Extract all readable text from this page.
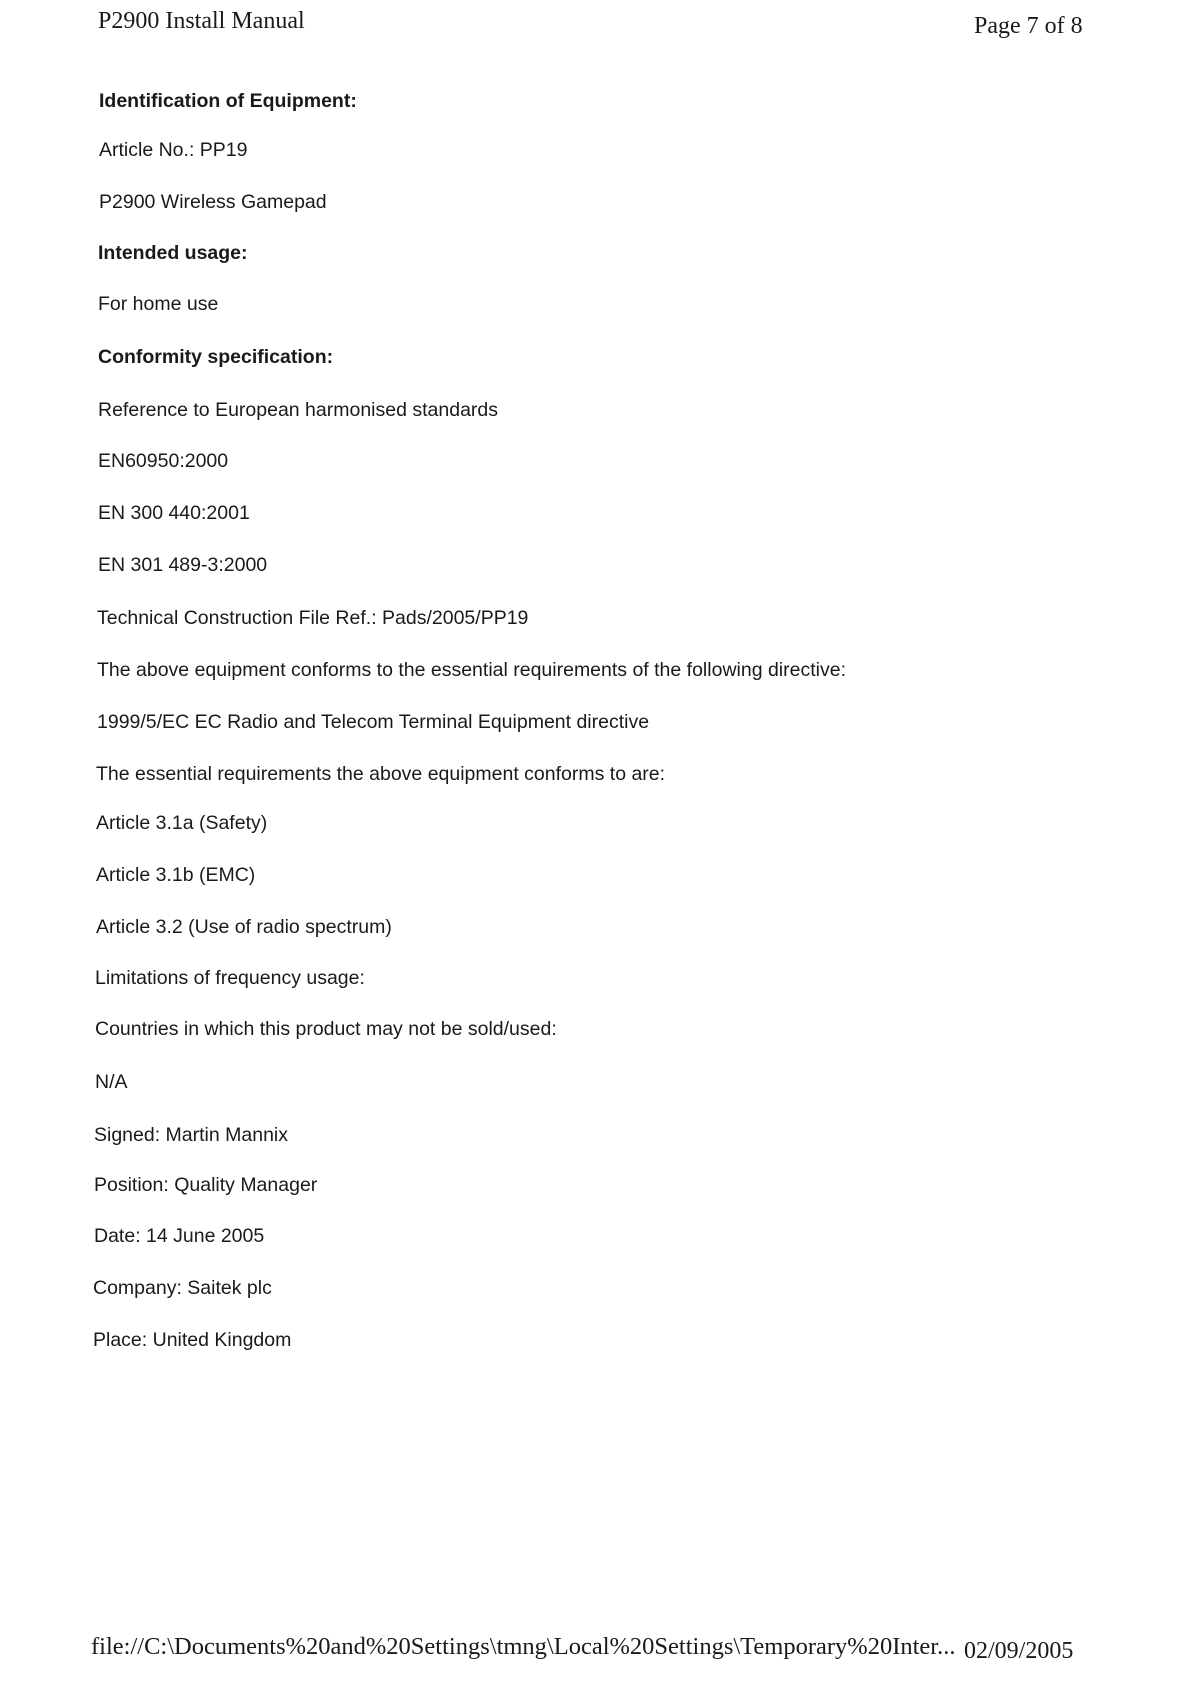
P2900 Install Manual	Page 7 of 8
Identification of Equipment:
Article No.: PP19
P2900 Wireless Gamepad
Intended usage:
For home use
Conformity specification:
Reference to European harmonised standards
EN60950:2000
EN 300 440:2001
EN 301 489-3:2000
Technical Construction File Ref.: Pads/2005/PP19
The above equipment conforms to the essential requirements of the following directive:
1999/5/EC EC Radio and Telecom Terminal Equipment directive
The essential requirements the above equipment conforms to are:
Article 3.1a (Safety)
Article 3.1b (EMC)
Article 3.2 (Use of radio spectrum)
Limitations of frequency usage:
Countries in which this product may not be sold/used:
N/A
Signed: Martin Mannix
Position: Quality Manager
Date: 14 June 2005
Company: Saitek plc
Place: United Kingdom
file://C:\Documents%20and%20Settings\tmng\Local%20Settings\Temporary%20Inter... 02/09/2005
